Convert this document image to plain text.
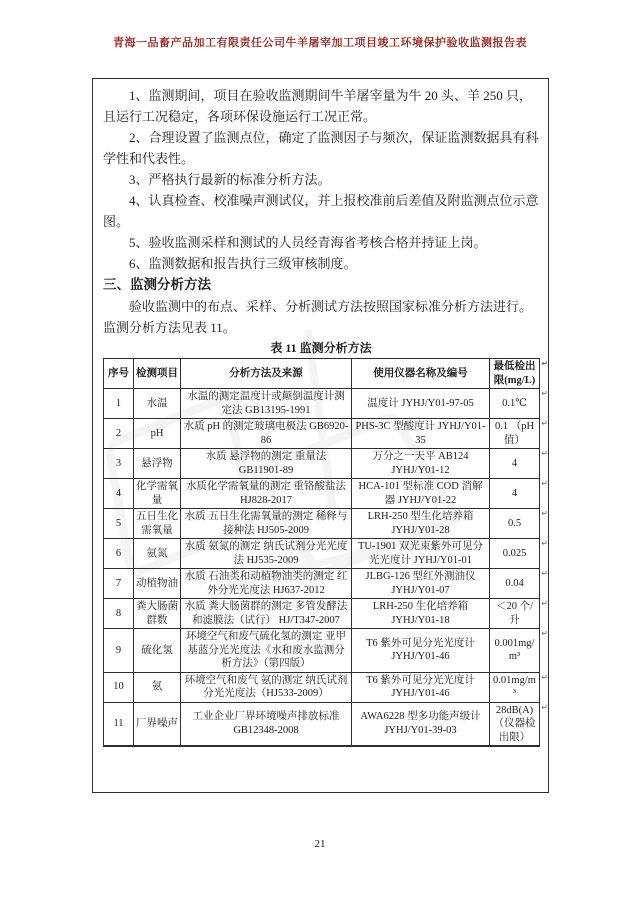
青海一品畜产品加工有限责任公司牛羊屠宰加工项目竣工环境保护验收监测报告表

1、监测期间，项目在验收监测期间牛羊屠宰量为牛 20 头、羊 250 只，且运行工况稳定，各项环保设施运行工况正常。

2、合理设置了监测点位，确定了监测因子与频次，保证监测数据具有科学性和代表性。

3、严格执行最新的标准分析方法。

4、认真检查、校准噪声测试仪，并上报校准前后差值及附监测点位示意图。

5、验收监测采样和测试的人员经青海省考核合格并持证上岗。

6、监测数据和报告执行三级审核制度。

三、监测分析方法

验收监测中的布点、采样、分析测试方法按照国家标准分析方法进行。监测分析方法见表 11。

表 11 监测分析方法
序号	检测项目	分析方法及来源	使用仪器名称及编号	最低检出限(mg/L)
↵

1	水温	水温的测定温度计或颠倒温度计测定法 GB13195-1991	温度计 JYHJ/Y01-97-05	0.1℃
↵

2	pH	水质 pH 的测定玻璃电极法 GB6920-86	PHS-3C 型酸度计 JYHJ/Y01-35	0.1 （pH 值）
↵

3	悬浮物	水质 悬浮物的测定 重量法 GB11901-89	万分之一天平 AB124 JYHJ/Y01-12	4
↵

4	化学需氧量	水质化学需氧量的测定 重铬酸盐法 HJ828-2017	HCA-101 型标准 COD 消解器 JYHJ/Y01-22	4
↵

5	五日生化需氧量	水质 五日生化需氧量的测定 稀释与接种法 HJ505-2009	LRH-250 型生化培养箱 JYHJ/Y01-28	0.5
↵

6	氨氮	水质 氨氮的测定 纳氏试剂分光光度法 HJ535-2009	TU-1901 双光束紫外可见分光光度计 JYHJ/Y01-01	0.025
↵

7	动植物油	水质 石油类和动植物油类的测定 红外分光光度法 HJ637-2012	JLBG-126 型红外测油仪 JYHJ/Y01-07	0.04
↵

8	粪大肠菌群数	水质 粪大肠菌群的测定 多管发酵法和滤膜法（试行） HJ/T347-2007	LRH-250 生化培养箱 JYHJ/Y01-18	＜20 个/升
↵

9	硫化氢	环境空气和废气硫化氢的测定 亚甲基蓝分光光度法《水和废水监测分析方法》（第四版）	T6 紫外可见分光光度计 JYHJ/Y01-46	0.001mg/m³
↵

10	氨	环境空气和废气 氨的测定 纳氏试剂分光光度法（HJ533-2009）	T6 紫外可见分光光度计 JYHJ/Y01-46	0.01mg/m³
↵

11	厂界噪声	工业企业厂界环境噪声排放标准 GB12348-2008	AWA6228 型多功能声级计 JYHJ/Y01-39-03	28dB(A) （仪器检出限）
↵
21
